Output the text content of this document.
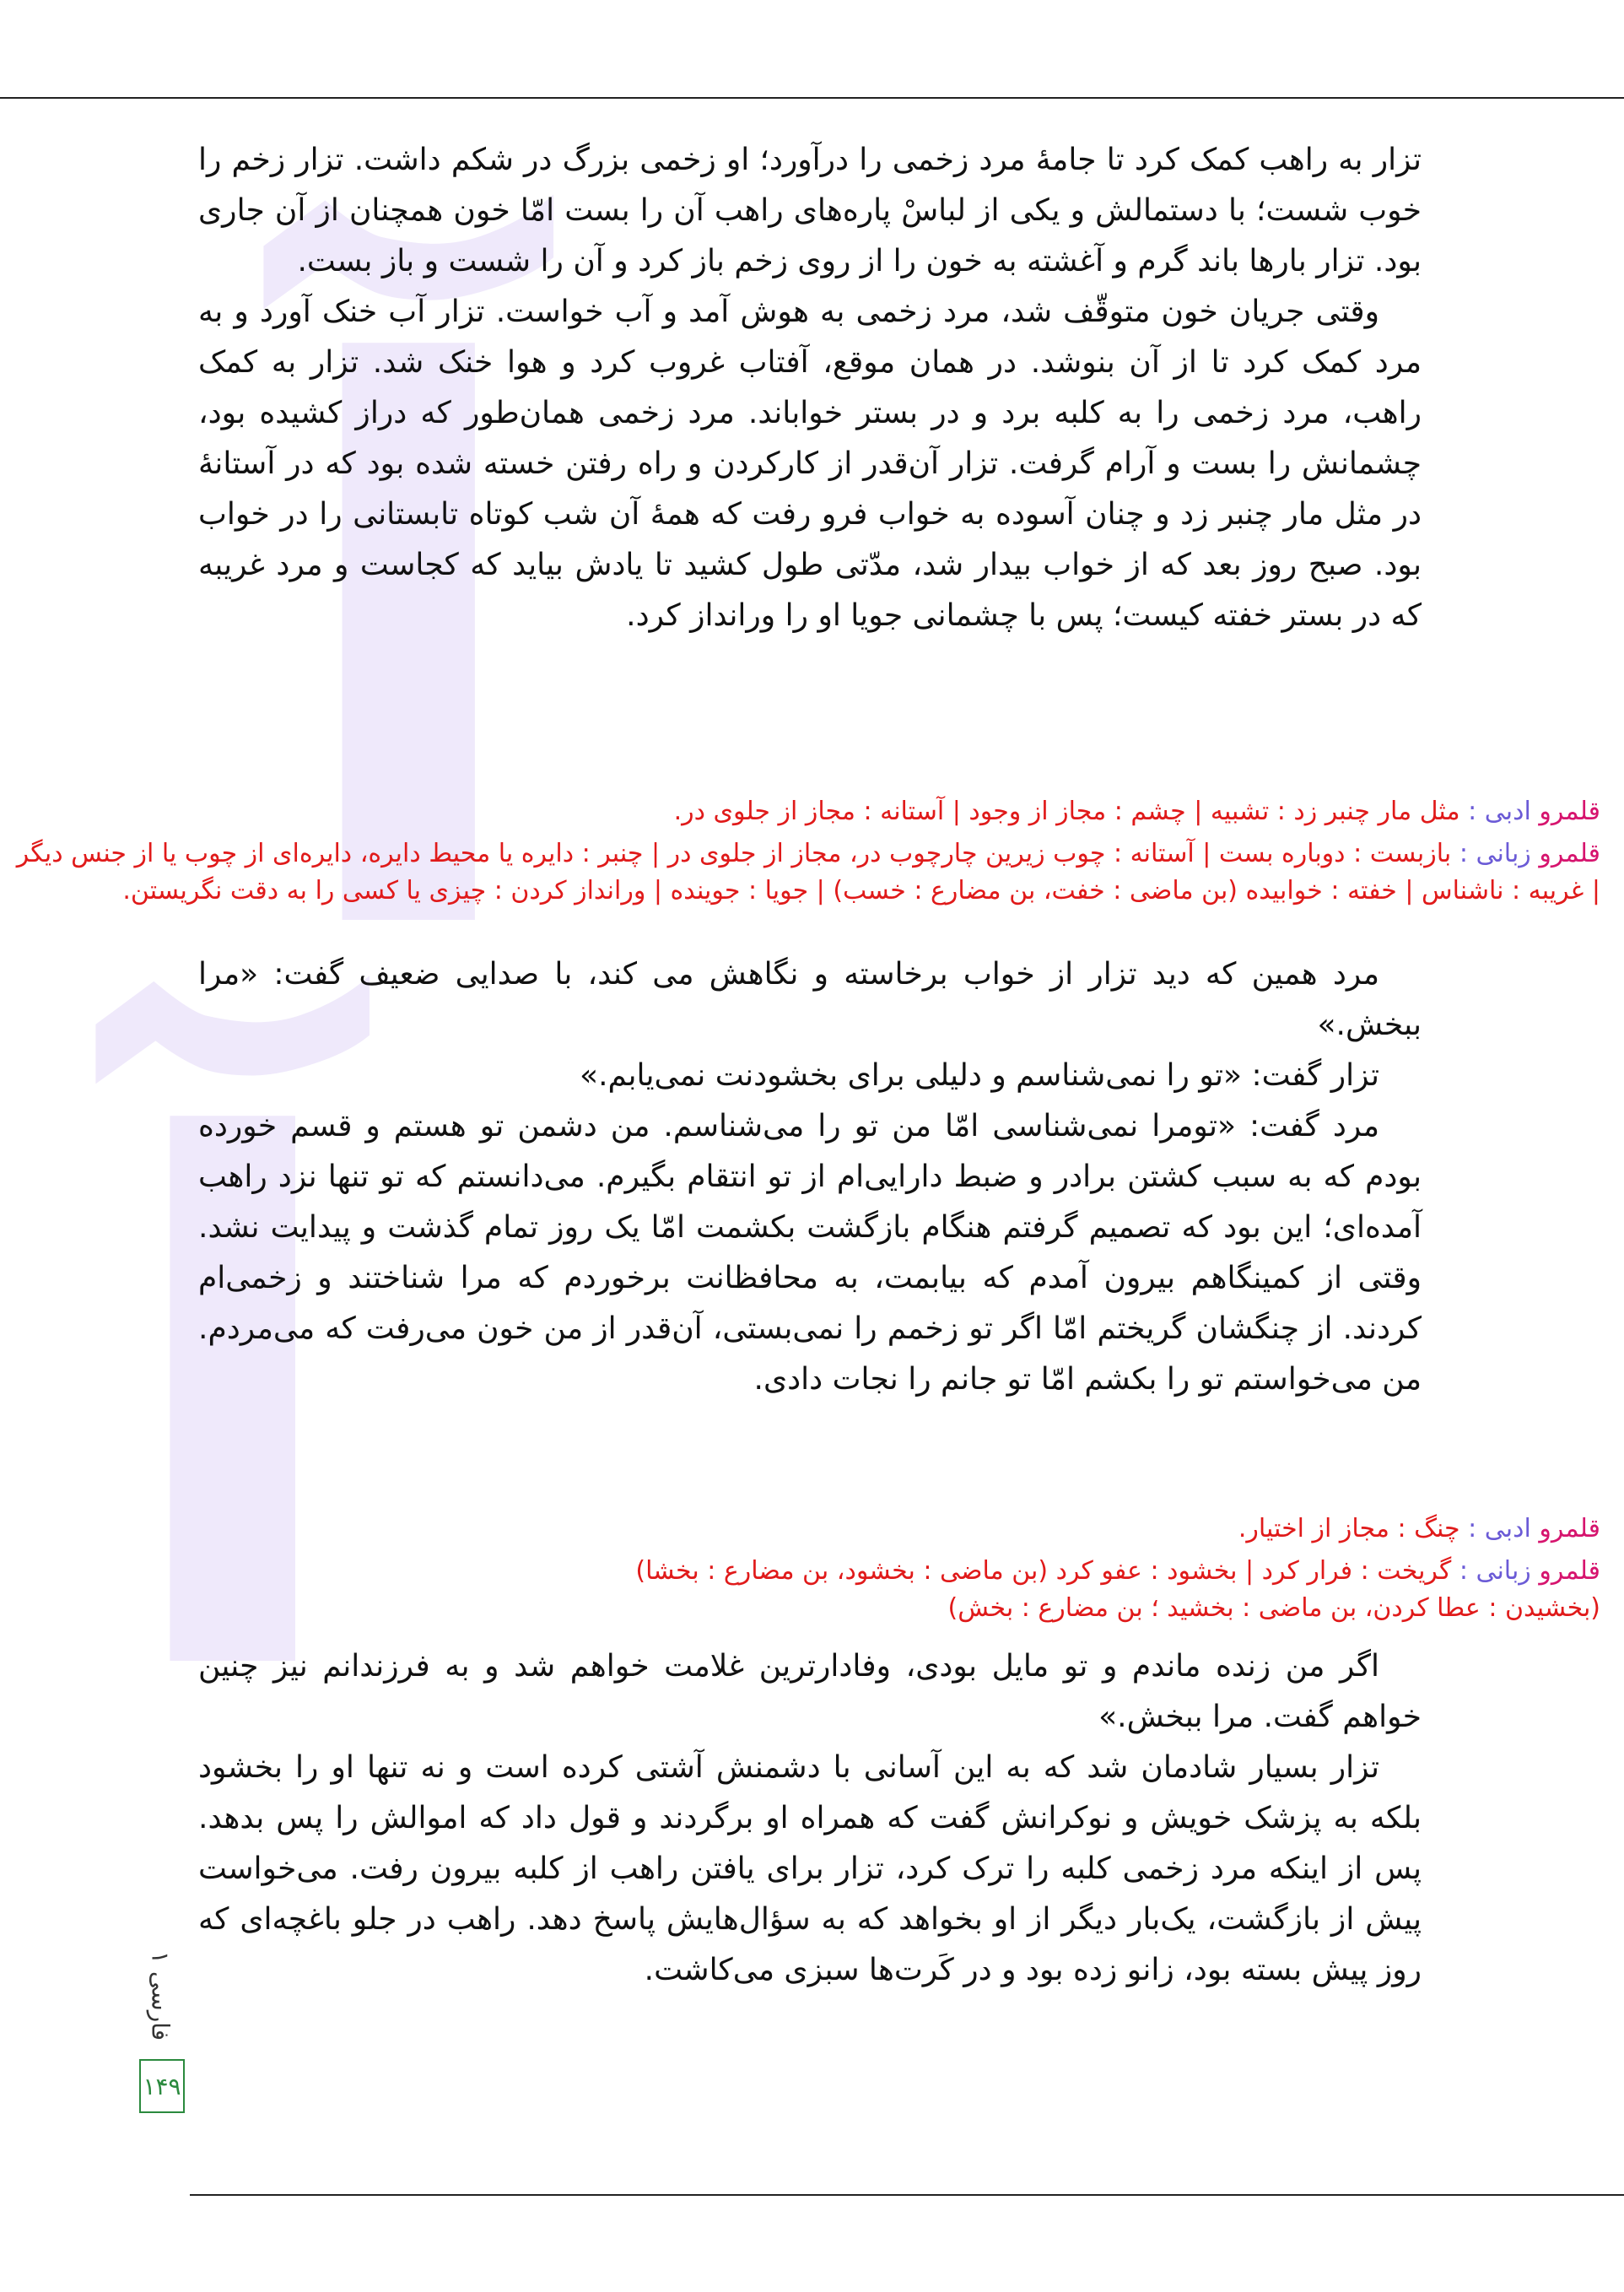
آ
آ

تزار به راهب کمک کرد تا جامهٔ مرد زخمی را درآورد؛ او زخمی بزرگ در شکم داشت. تزار زخم را خوب شست؛ با دستمالش و یکی از لباسْ پاره‌های راهب آن را بست امّا خون همچنان از آن جاری بود. تزار بارها باند گرم و آغشته به خون را از روی زخم باز کرد و آن را شست و باز بست.

وقتی جریان خون متوقّف شد، مرد زخمی به هوش آمد و آب خواست. تزار آب خنک آورد و به مرد کمک کرد تا از آن بنوشد. در همان موقع، آفتاب غروب کرد و هوا خنک شد. تزار به کمک راهب، مرد زخمی را به کلبه برد و در بستر خواباند. مرد زخمی همان‌طور که دراز کشیده بود، چشمانش را بست و آرام گرفت. تزار آن‌قدر از کارکردن و راه رفتن خسته شده بود که در آستانهٔ در مثل مار چنبر زد و چنان آسوده به خواب فرو رفت که همهٔ آن شب کوتاه تابستانی را در خواب بود. صبح روز بعد که از خواب بیدار شد، مدّتی طول کشید تا یادش بیاید که کجاست و مرد غریبه که در بستر خفته کیست؛ پس با چشمانی جویا او را ورانداز کرد.

قلمرو ادبی : مثل مار چنبر زد : تشبیه | چشم : مجاز از وجود | آستانه : مجاز از جلوی در.
قلمرو زبانی : بازبست : دوباره بست | آستانه : چوب زیرین چارچوب در، مجاز از جلوی در | چنبر : دایره یا محیط دایره، دایره‌ای از چوب یا از جنس دیگر | غریبه : ناشناس | خفته : خوابیده (بن ماضی : خفت، بن مضارع : خسب) | جویا : جوینده | ورانداز کردن : چیزی یا کسی را به دقت نگریستن.

مرد همین که دید تزار از خواب برخاسته و نگاهش می کند، با صدایی ضعیف گفت: «مرا ببخش.»

تزار گفت: «تو را نمی‌شناسم و دلیلی برای بخشودنت نمی‌یابم.»

مرد گفت: «تومرا نمی‌شناسی امّا من تو را می‌شناسم. من دشمن تو هستم و قسم خورده بودم که به سبب کشتن برادر و ضبط دارایی‌ام از تو انتقام بگیرم. می‌دانستم که تو تنها نزد راهب آمده‌ای؛ این بود که تصمیم گرفتم هنگام بازگشت بکشمت امّا یک روز تمام گذشت و پیدایت نشد. وقتی از کمینگاهم بیرون آمدم که بیابمت، به محافظانت برخوردم که مرا شناختند و زخمی‌ام کردند. از چنگشان گریختم امّا اگر تو زخمم را نمی‌بستی، آن‌قدر از من خون می‌رفت که می‌مردم. من می‌خواستم تو را بکشم امّا تو جانم را نجات دادی.

قلمرو ادبی : چنگ : مجاز از اختیار.
قلمرو زبانی : گریخت : فرار کرد | بخشود : عفو کرد (بن ماضی : بخشود، بن مضارع : بخشا)
(بخشیدن : عطا کردن، بن ماضی : بخشید ؛ بن مضارع : بخش)

اگر من زنده ماندم و تو مایل بودی، وفادارترین غلامت خواهم شد و به فرزندانم نیز چنین خواهم گفت. مرا ببخش.»

تزار بسیار شادمان شد که به این آسانی با دشمنش آشتی کرده است و نه تنها او را بخشود بلکه به پزشک خویش و نوکرانش گفت که همراه او برگردند و قول داد که اموالش را پس بدهد. پس از اینکه مرد زخمی کلبه را ترک کرد، تزار برای یافتن راهب از کلبه بیرون رفت. می‌خواست پیش از بازگشت، یک‌بار دیگر از او بخواهد که به سؤال‌هایش پاسخ دهد. راهب در جلو باغچه‌ای که روز پیش بسته بود، زانو زده بود و در کَرت‌ها سبزی می‌کاشت.

فارسی ۱
۱۴۹
